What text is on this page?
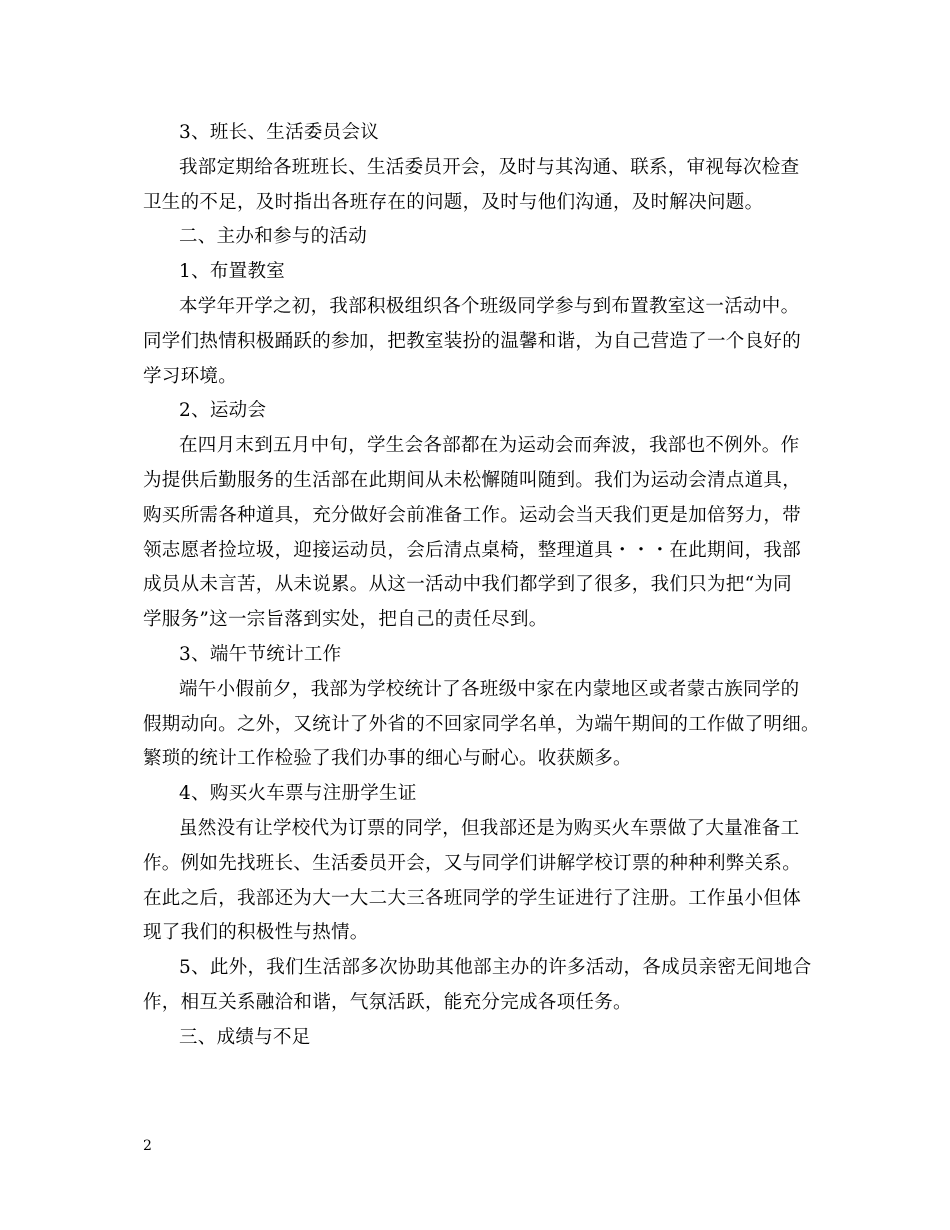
3、班长、生活委员会议
我部定期给各班班长、生活委员开会，及时与其沟通、联系，审视每次检查
卫生的不足，及时指出各班存在的问题，及时与他们沟通，及时解决问题。
二、主办和参与的活动
1、布置教室
本学年开学之初，我部积极组织各个班级同学参与到布置教室这一活动中。
同学们热情积极踊跃的参加，把教室装扮的温馨和谐，为自己营造了一个良好的
学习环境。
2、运动会
在四月末到五月中旬，学生会各部都在为运动会而奔波，我部也不例外。作
为提供后勤服务的生活部在此期间从未松懈随叫随到。我们为运动会清点道具，
购买所需各种道具，充分做好会前准备工作。运动会当天我们更是加倍努力，带
领志愿者捡垃圾，迎接运动员，会后清点桌椅，整理道具・・・在此期间，我部
成员从未言苦，从未说累。从这一活动中我们都学到了很多，我们只为把“为同
学服务”这一宗旨落到实处，把自己的责任尽到。
3、端午节统计工作
端午小假前夕，我部为学校统计了各班级中家在内蒙地区或者蒙古族同学的
假期动向。之外，又统计了外省的不回家同学名单，为端午期间的工作做了明细。
繁琐的统计工作检验了我们办事的细心与耐心。收获颇多。
4、购买火车票与注册学生证
虽然没有让学校代为订票的同学，但我部还是为购买火车票做了大量准备工
作。例如先找班长、生活委员开会，又与同学们讲解学校订票的种种利弊关系。
在此之后，我部还为大一大二大三各班同学的学生证进行了注册。工作虽小但体
现了我们的积极性与热情。
5、此外，我们生活部多次协助其他部主办的许多活动，各成员亲密无间地合
作，相互关系融洽和谐，气氛活跃，能充分完成各项任务。
三、成绩与不足
2
